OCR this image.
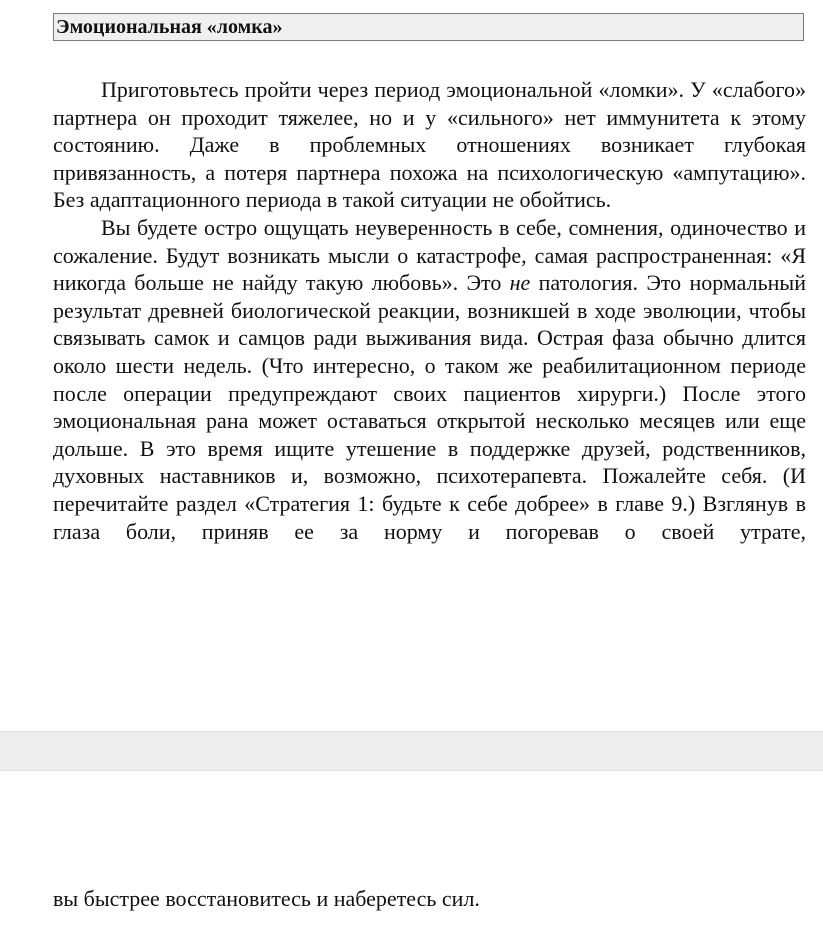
Эмоциональная «ломка»

Приготовьтесь пройти через период эмоциональной «ломки». У «слабого» партнера он проходит тяжелее, но и у «сильного» нет иммунитета к этому состоянию. Даже в проблемных отношениях возникает глубокая привязанность, а потеря партнера похожа на психологическую «ампутацию». Без адаптационного периода в такой ситуации не обойтись.

Вы будете остро ощущать неуверенность в себе, сомнения, одиночество и сожаление. Будут возникать мысли о катастрофе, самая распространенная: «Я никогда больше не найду такую любовь». Это не патология. Это нормальный результат древней биологической реакции, возникшей в ходе эволюции, чтобы связывать самок и самцов ради выживания вида. Острая фаза обычно длится около шести недель. (Что интересно, о таком же реабилитационном периоде после операции предупреждают своих пациентов хирурги.) После этого эмоциональная рана может оставаться открытой несколько месяцев или еще дольше. В это время ищите утешение в поддержке друзей, родственников, духовных наставников и, возможно, психотерапевта. Пожалейте себя. (И перечитайте раздел «Стратегия 1: будьте к себе добрее» в главе 9.) Взглянув в глаза боли, приняв ее за норму и погоревав о своей утрате,

вы быстрее восстановитесь и наберетесь сил.
